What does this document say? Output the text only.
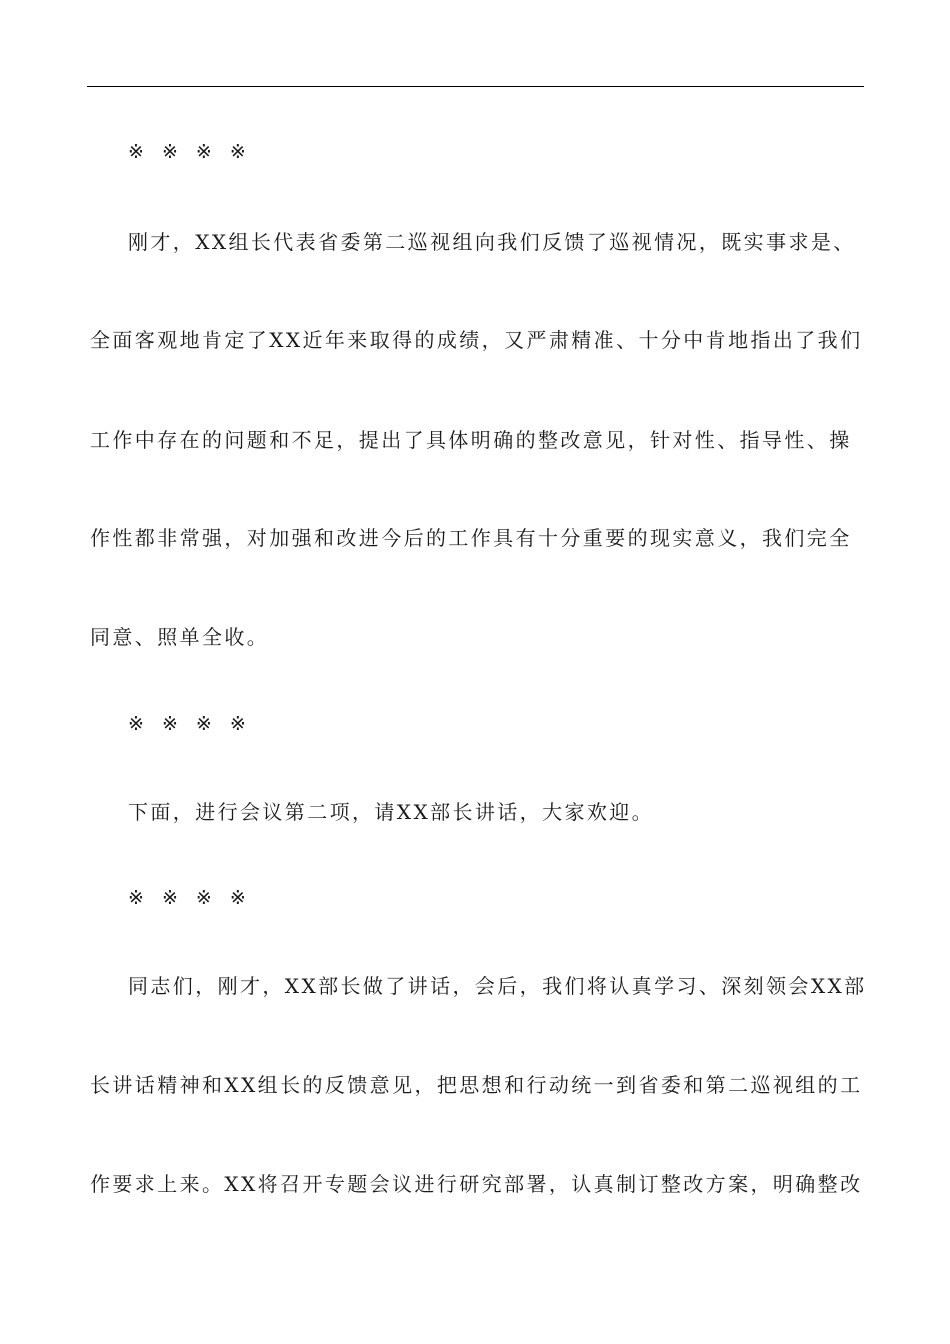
※ ※ ※ ※
刚才，XX组长代表省委第二巡视组向我们反馈了巡视情况，既实事求是、
全面客观地肯定了XX近年来取得的成绩，又严肃精准、十分中肯地指出了我们
工作中存在的问题和不足，提出了具体明确的整改意见，针对性、指导性、操
作性都非常强，对加强和改进今后的工作具有十分重要的现实意义，我们完全
同意、照单全收。
※ ※ ※ ※
下面，进行会议第二项，请XX部长讲话，大家欢迎。
※ ※ ※ ※
同志们，刚才，XX部长做了讲话，会后，我们将认真学习、深刻领会XX部
长讲话精神和XX组长的反馈意见，把思想和行动统一到省委和第二巡视组的工
作要求上来。XX将召开专题会议进行研究部署，认真制订整改方案，明确整改
